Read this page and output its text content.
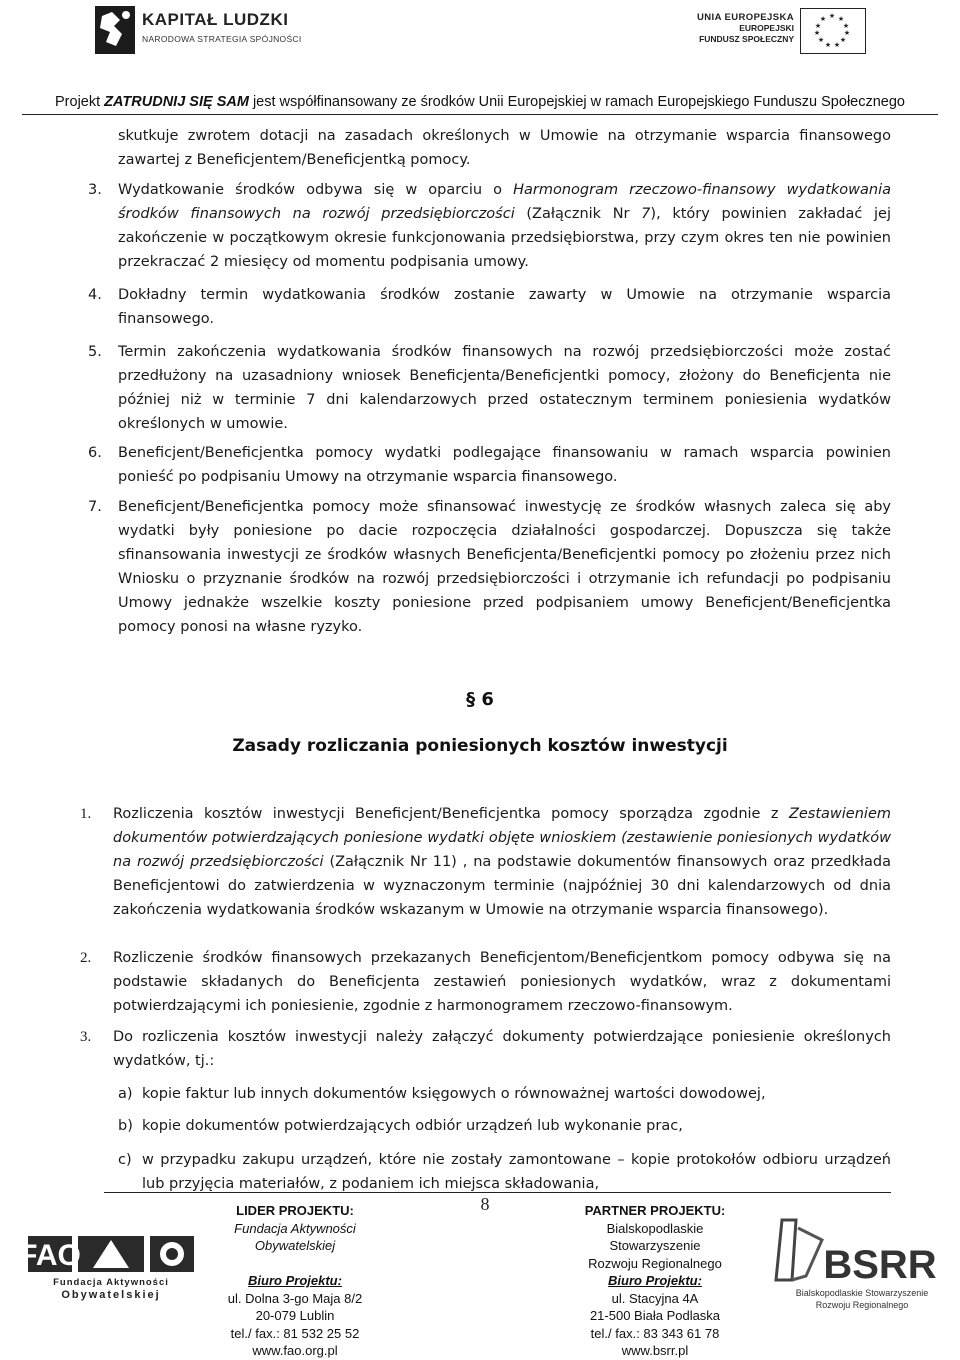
KAPITAŁ LUDZKI
NARODOWA STRATEGIA SPÓJNOŚCI
UNIA EUROPEJSKA
EUROPEJSKI
FUNDUSZ SPOŁECZNY
★ ★
★
★
★
★
★
★
★
★
★
Projekt ZATRUDNIJ SIĘ SAM jest współfinansowany ze środków Unii Europejskiej w ramach Europejskiego Funduszu Społecznego
skutkuje zwrotem dotacji na zasadach określonych w Umowie na otrzymanie wsparcia finansowego zawartej z Beneficjentem/Beneficjentką pomocy.
3. Wydatkowanie środków odbywa się w oparciu o Harmonogram rzeczowo-finansowy wydatkowania środków finansowych na rozwój przedsiębiorczości (Załącznik Nr 7), który powinien zakładać jej zakończenie w początkowym okresie funkcjonowania przedsiębiorstwa, przy czym okres ten nie powinien przekraczać 2 miesięcy od momentu podpisania umowy.
4. Dokładny termin wydatkowania środków zostanie zawarty w Umowie na otrzymanie wsparcia finansowego.
5. Termin zakończenia wydatkowania środków finansowych na rozwój przedsiębiorczości może zostać przedłużony na uzasadniony wniosek Beneficjenta/Beneficjentki pomocy, złożony do Beneficjenta nie później niż w terminie 7 dni kalendarzowych przed ostatecznym terminem poniesienia wydatków określonych w umowie.
6. Beneficjent/Beneficjentka pomocy wydatki podlegające finansowaniu w ramach wsparcia powinien ponieść po podpisaniu Umowy na otrzymanie wsparcia finansowego.
7. Beneficjent/Beneficjentka pomocy może sfinansować inwestycję ze środków własnych zaleca się aby wydatki były poniesione po dacie rozpoczęcia działalności gospodarczej. Dopuszcza się także sfinansowania inwestycji ze środków własnych Beneficjenta/Beneficjentki pomocy po złożeniu przez nich Wniosku o przyznanie środków na rozwój przedsiębiorczości i otrzymanie ich refundacji po podpisaniu Umowy jednakże wszelkie koszty poniesione przed podpisaniem umowy Beneficjent/Beneficjentka pomocy ponosi na własne ryzyko.
§ 6
Zasady rozliczania poniesionych kosztów inwestycji
1. Rozliczenia kosztów inwestycji Beneficjent/Beneficjentka pomocy sporządza zgodnie z Zestawieniem dokumentów potwierdzających poniesione wydatki objęte wnioskiem (zestawienie poniesionych wydatków na rozwój przedsiębiorczości (Załącznik Nr 11) , na podstawie dokumentów finansowych oraz przedkłada Beneficjentowi do zatwierdzenia w wyznaczonym terminie (najpóźniej 30 dni kalendarzowych od dnia zakończenia wydatkowania środków wskazanym w Umowie na otrzymanie wsparcia finansowego).
2. Rozliczenie środków finansowych przekazanych Beneficjentom/Beneficjentkom pomocy odbywa się na podstawie składanych do Beneficjenta zestawień poniesionych wydatków, wraz z dokumentami potwierdzającymi ich poniesienie, zgodnie z harmonogramem rzeczowo-finansowym.
3. Do rozliczenia kosztów inwestycji należy załączyć dokumenty potwierdzające poniesienie określonych wydatków, tj.:
a) kopie faktur lub innych dokumentów księgowych o równoważnej wartości dowodowej,
b) kopie dokumentów potwierdzających odbiór urządzeń lub wykonanie prac,
c) w przypadku zakupu urządzeń, które nie zostały zamontowane – kopie protokołów odbioru urządzeń lub przyjęcia materiałów, z podaniem ich miejsca składowania,
8
FAO
Fundacja Aktywności
Obywatelskiej
LIDER PROJEKTU:
Fundacja Aktywności
Obywatelskiej

Biuro Projektu:
ul. Dolna 3-go Maja 8/2
20-079 Lublin
tel./ fax.: 81 532 25 52
www.fao.org.pl
PARTNER PROJEKTU:
Bialskopodlaskie
Stowarzyszenie
Rozwoju Regionalnego
Biuro Projektu:
ul. Stacyjna 4A
21-500 Biała Podlaska
tel./ fax.: 83 343 61 78
www.bsrr.pl
BSRR
Bialskopodlaskie Stowarzyszenie
Rozwoju Regionalnego
